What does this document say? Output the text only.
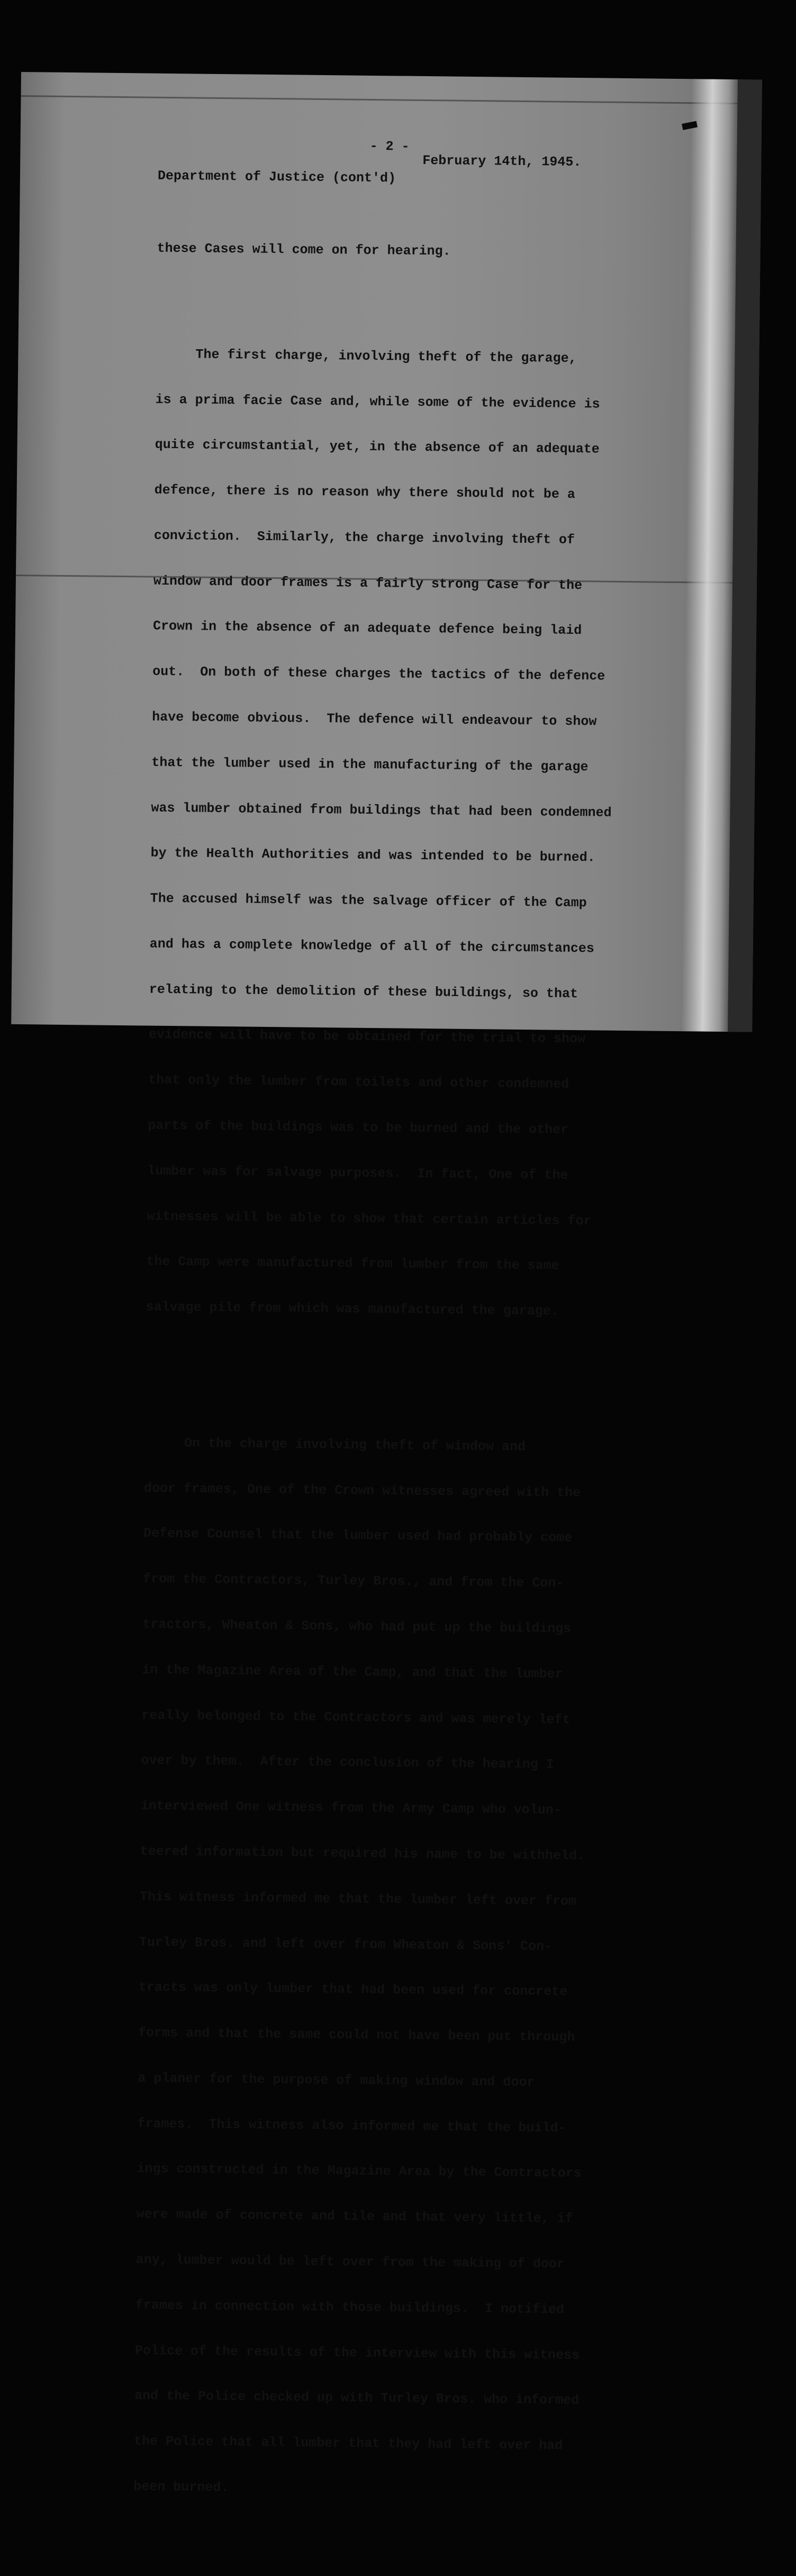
- 2 -
February 14th, 1945.
Department of Justice (cont'd)

these Cases will come on for hearing.

The first charge, involving theft of the garage,

is a prima facie Case and, while some of the evidence is

quite circumstantial, yet, in the absence of an adequate

defence, there is no reason why there should not be a

conviction.  Similarly, the charge involving theft of

window and door frames is a fairly strong Case for the

Crown in the absence of an adequate defence being laid

out.  On both of these charges the tactics of the defence

have become obvious.  The defence will endeavour to show

that the lumber used in the manufacturing of the garage

was lumber obtained from buildings that had been condemned

by the Health Authorities and was intended to be burned.

The accused himself was the salvage officer of the Camp

and has a complete knowledge of all of the circumstances

relating to the demolition of these buildings, so that

evidence will have to be obtained for the trial to show

that only the lumber from toilets and other condemned

parts of the buildings was to be burned and the other

lumber was for salvage purposes.  In fact, One of the

witnesses will be able to show that certain articles for

the Camp were manufactured from lumber from the same

salvage pile from which was manufactured the garage.

On the charge involving theft of window and

door frames, One of the Crown witnesses agreed with the

Defense Counsel that the lumber used had probably come

from the Contractors, Turley Bros., and from the Con-

tractors, Wheaton & Sons, who had put up the buildings

in the Magazine Area of the Camp, and that the lumber

really belonged to the Contractors and was merely left

over by them.  After the conclusion of the hearing I

interviewed One witness from the Army Camp who volun-

teered information but required his name to be withheld.

This witness informed me that the lumber left over from

Turley Bros. and left over from Wheaton & Sons' Con-

tracts was only lumber that had been used for concrete

forms and that the same could not have been put through

a planer for the purpose of making window and door

frames.  This witness also informed me that the build-

ings constructed in the Magazine Area by the Contractors

were made of concrete and tile and that very little, if

any, lumber would be left over from the making of door

frames in connection with those buildings.  I notified

Police of the results of the interview with this witness

and the Police checked up with Turley Bros. who informed

the Police that all lumber that they had left over had

been burned.
